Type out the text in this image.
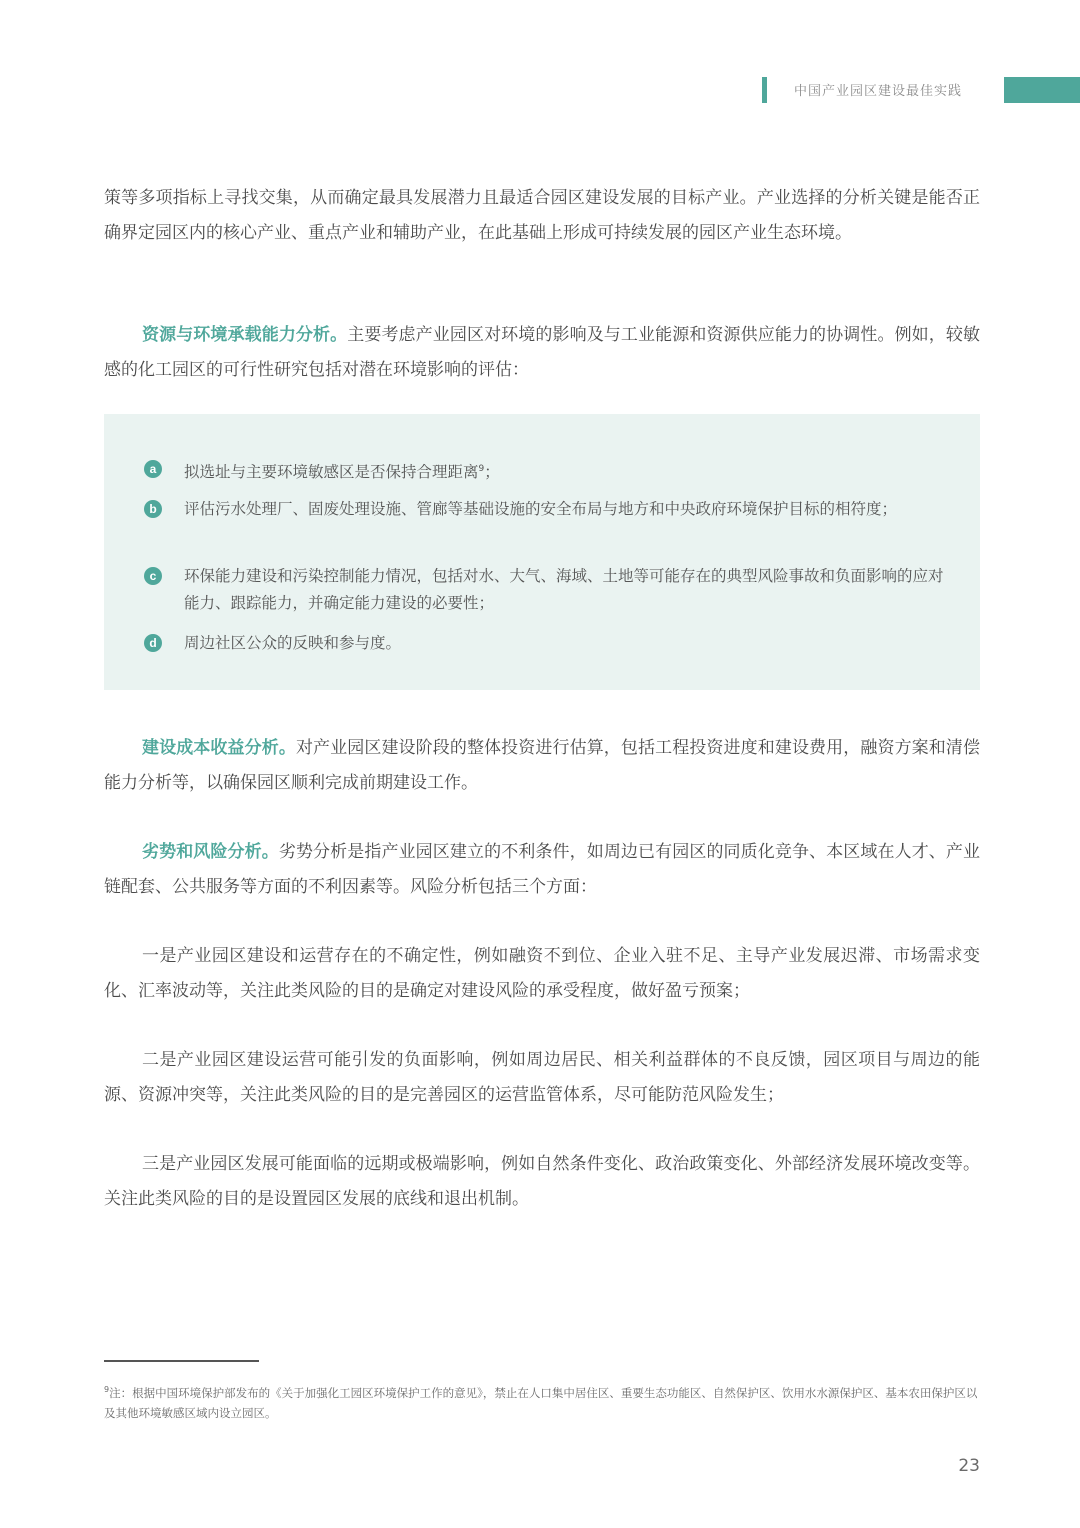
中国产业园区建设最佳实践

策等多项指标上寻找交集，从而确定最具发展潜力且最适合园区建设发展的目标产业。产业选择的分析关键是能否正确界定园区内的核心产业、重点产业和辅助产业，在此基础上形成可持续发展的园区产业生态环境。

资源与环境承载能力分析。主要考虑产业园区对环境的影响及与工业能源和资源供应能力的协调性。例如，较敏感的化工园区的可行性研究包括对潜在环境影响的评估：

a	拟选址与主要环境敏感区是否保持合理距离$^9$；
b	评估污水处理厂、固废处理设施、管廊等基础设施的安全布局与地方和中央政府环境保护目标的相符度；
c	环保能力建设和污染控制能力情况，包括对水、大气、海域、土地等可能存在的典型风险事故和负面影响的应对能力、跟踪能力，并确定能力建设的必要性；
d	周边社区公众的反映和参与度。

建设成本收益分析。对产业园区建设阶段的整体投资进行估算，包括工程投资进度和建设费用，融资方案和清偿能力分析等，以确保园区顺利完成前期建设工作。

劣势和风险分析。劣势分析是指产业园区建立的不利条件，如周边已有园区的同质化竞争、本区域在人才、产业链配套、公共服务等方面的不利因素等。风险分析包括三个方面：

一是产业园区建设和运营存在的不确定性，例如融资不到位、企业入驻不足、主导产业发展迟滞、市场需求变化、汇率波动等，关注此类风险的目的是确定对建设风险的承受程度，做好盈亏预案；

二是产业园区建设运营可能引发的负面影响，例如周边居民、相关利益群体的不良反馈，园区项目与周边的能源、资源冲突等，关注此类风险的目的是完善园区的运营监管体系，尽可能防范风险发生；

三是产业园区发展可能面临的远期或极端影响，例如自然条件变化、政治政策变化、外部经济发展环境改变等。关注此类风险的目的是设置园区发展的底线和退出机制。

$^9$注：根据中国环境保护部发布的《关于加强化工园区环境保护工作的意见》，禁止在人口集中居住区、重要生态功能区、自然保护区、饮用水水源保护区、基本农田保护区以及其他环境敏感区域内设立园区。

23
